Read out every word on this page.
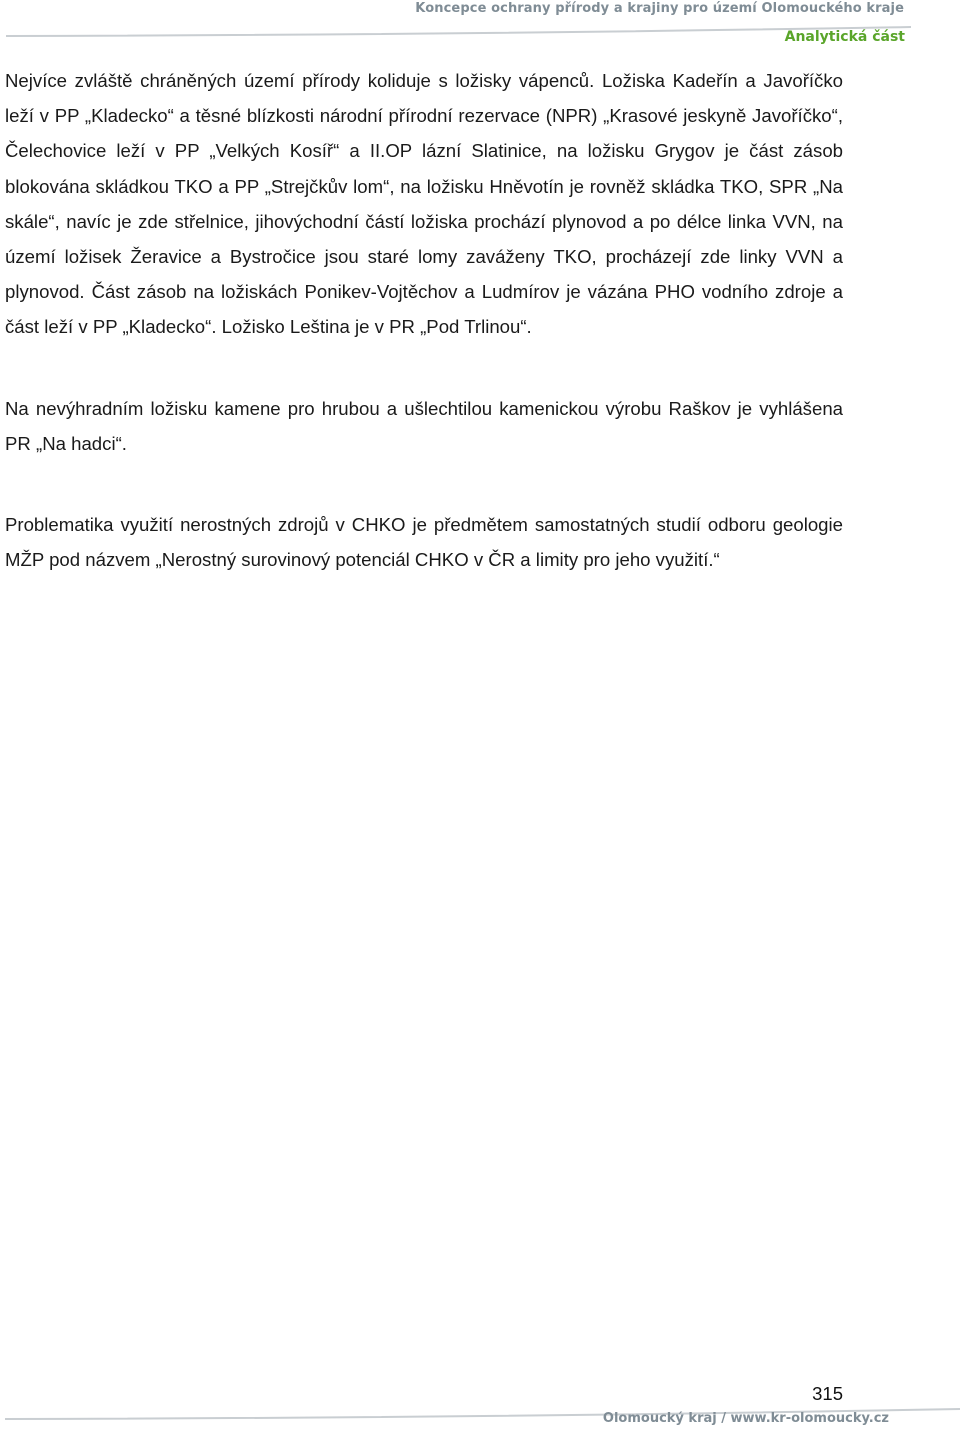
Koncepce ochrany přírody a krajiny pro území Olomouckého kraje
Analytická část

Nejvíce zvláště chráněných území přírody koliduje s ložisky vápenců. Ložiska Kadeřín a Javoříčko leží v PP „Kladecko“ a těsné blízkosti národní přírodní rezervace (NPR) „Krasové jeskyně Javoříčko“, Čelechovice leží v PP „Velkých Kosíř“ a II.OP lázní Slatinice, na ložisku Grygov je část zásob blokována skládkou TKO a PP „Strejčkův lom“, na ložisku Hněvotín je rovněž skládka TKO, SPR „Na skále“, navíc je zde střelnice, jihovýchodní částí ložiska prochází plynovod a po délce linka VVN, na území ložisek Žeravice a Bystročice jsou staré lomy zaváženy TKO, procházejí zde linky VVN a plynovod. Část zásob na ložiskách Ponikev-Vojtěchov a Ludmírov je vázána PHO vodního zdroje a část leží v PP „Kladecko“. Ložisko Leština je v PR „Pod Trlinou“.

Na nevýhradním ložisku kamene pro hrubou a ušlechtilou kamenickou výrobu Raškov je vyhlášena PR „Na hadci“.

Problematika využití nerostných zdrojů v CHKO je předmětem samostatných studií odboru geologie MŽP pod názvem „Nerostný surovinový potenciál CHKO v ČR a limity pro jeho využití.“

315
Olomoucký kraj / www.kr-olomoucky.cz
